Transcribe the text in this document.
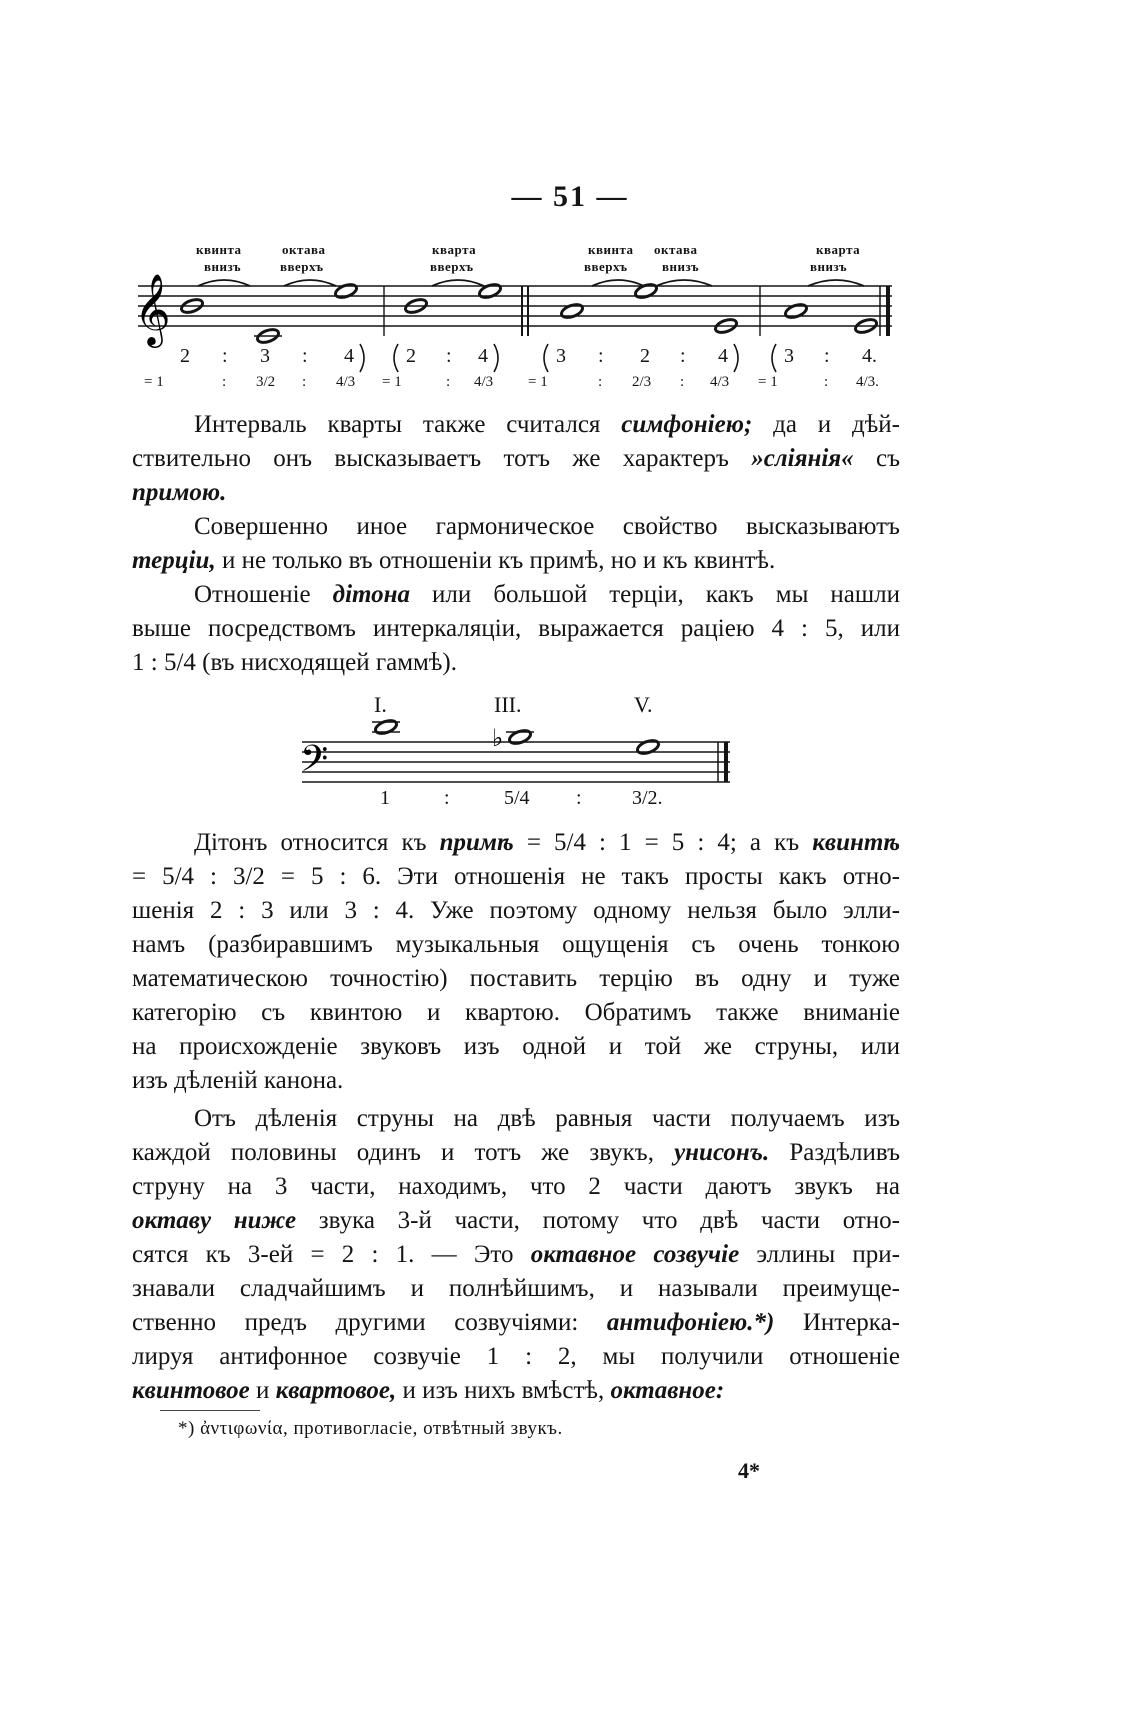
— 51 —
𝄞
квинта
внизъ
октава
вверхъ
кварта
вверхъ
квинта
вверхъ
октава
внизъ
кварта
внизъ
2 : 3 : 4	2 : 4	3 : 2 : 4	3 : 4.
= 1	: 3/2 : 4/3 = 1	: 4/3 = 1	: 2/3 : 4/3 = 1	: 4/3.
Интерваль кварты также считался симфоніею; да и дѣй-
ствительно онъ высказываетъ тотъ же характеръ »сліянія« съ
примою.
Совершенно иное гармоническое свойство высказываютъ
терціи, и не только въ отношеніи къ примѣ, но и къ квинтѣ.
Отношеніе дітона или большой терціи, какъ мы нашли
выше посредствомъ интеркаляціи, выражается раціею 4 : 5, или
1 : 5/4 (въ нисходящей гаммѣ).
𝄢	♭
I.	III.	V.
1	:	5/4 :	3/2.
Дітонъ относится къ примѣ = 5/4 : 1 = 5 : 4; а къ квинтѣ
= 5/4 : 3/2 = 5 : 6. Эти отношенія не такъ просты какъ отно-
шенія 2 : 3 или 3 : 4. Уже поэтому одному нельзя было элли-
намъ (разбиравшимъ музыкальныя ощущенія съ очень тонкою
математическою точностію) поставить терцію въ одну и туже
категорію съ квинтою и квартою. Обратимъ также вниманіе
на происхожденіе звуковъ изъ одной и той же струны, или
изъ дѣленій канона.
Отъ дѣленія струны на двѣ равныя части получаемъ изъ
каждой половины одинъ и тотъ же звукъ, унисонъ. Раздѣливъ
струну на 3 части, находимъ, что 2 части даютъ звукъ на
октаву ниже звука 3-й части, потому что двѣ части отно-
сятся къ 3-ей = 2 : 1. — Это октавное созвучіе эллины при-
знавали сладчайшимъ и полнѣйшимъ, и называли преимуще-
ственно предъ другими созвучіями: антифоніею.*) Интерка-
лируя антифонное созвучіе 1 : 2, мы получили отношеніе
квинтовое и квартовое, и изъ нихъ вмѣстѣ, октавное:
*) ἀντιφωνία, противогласіе, отвѣтный звукъ.
4*
